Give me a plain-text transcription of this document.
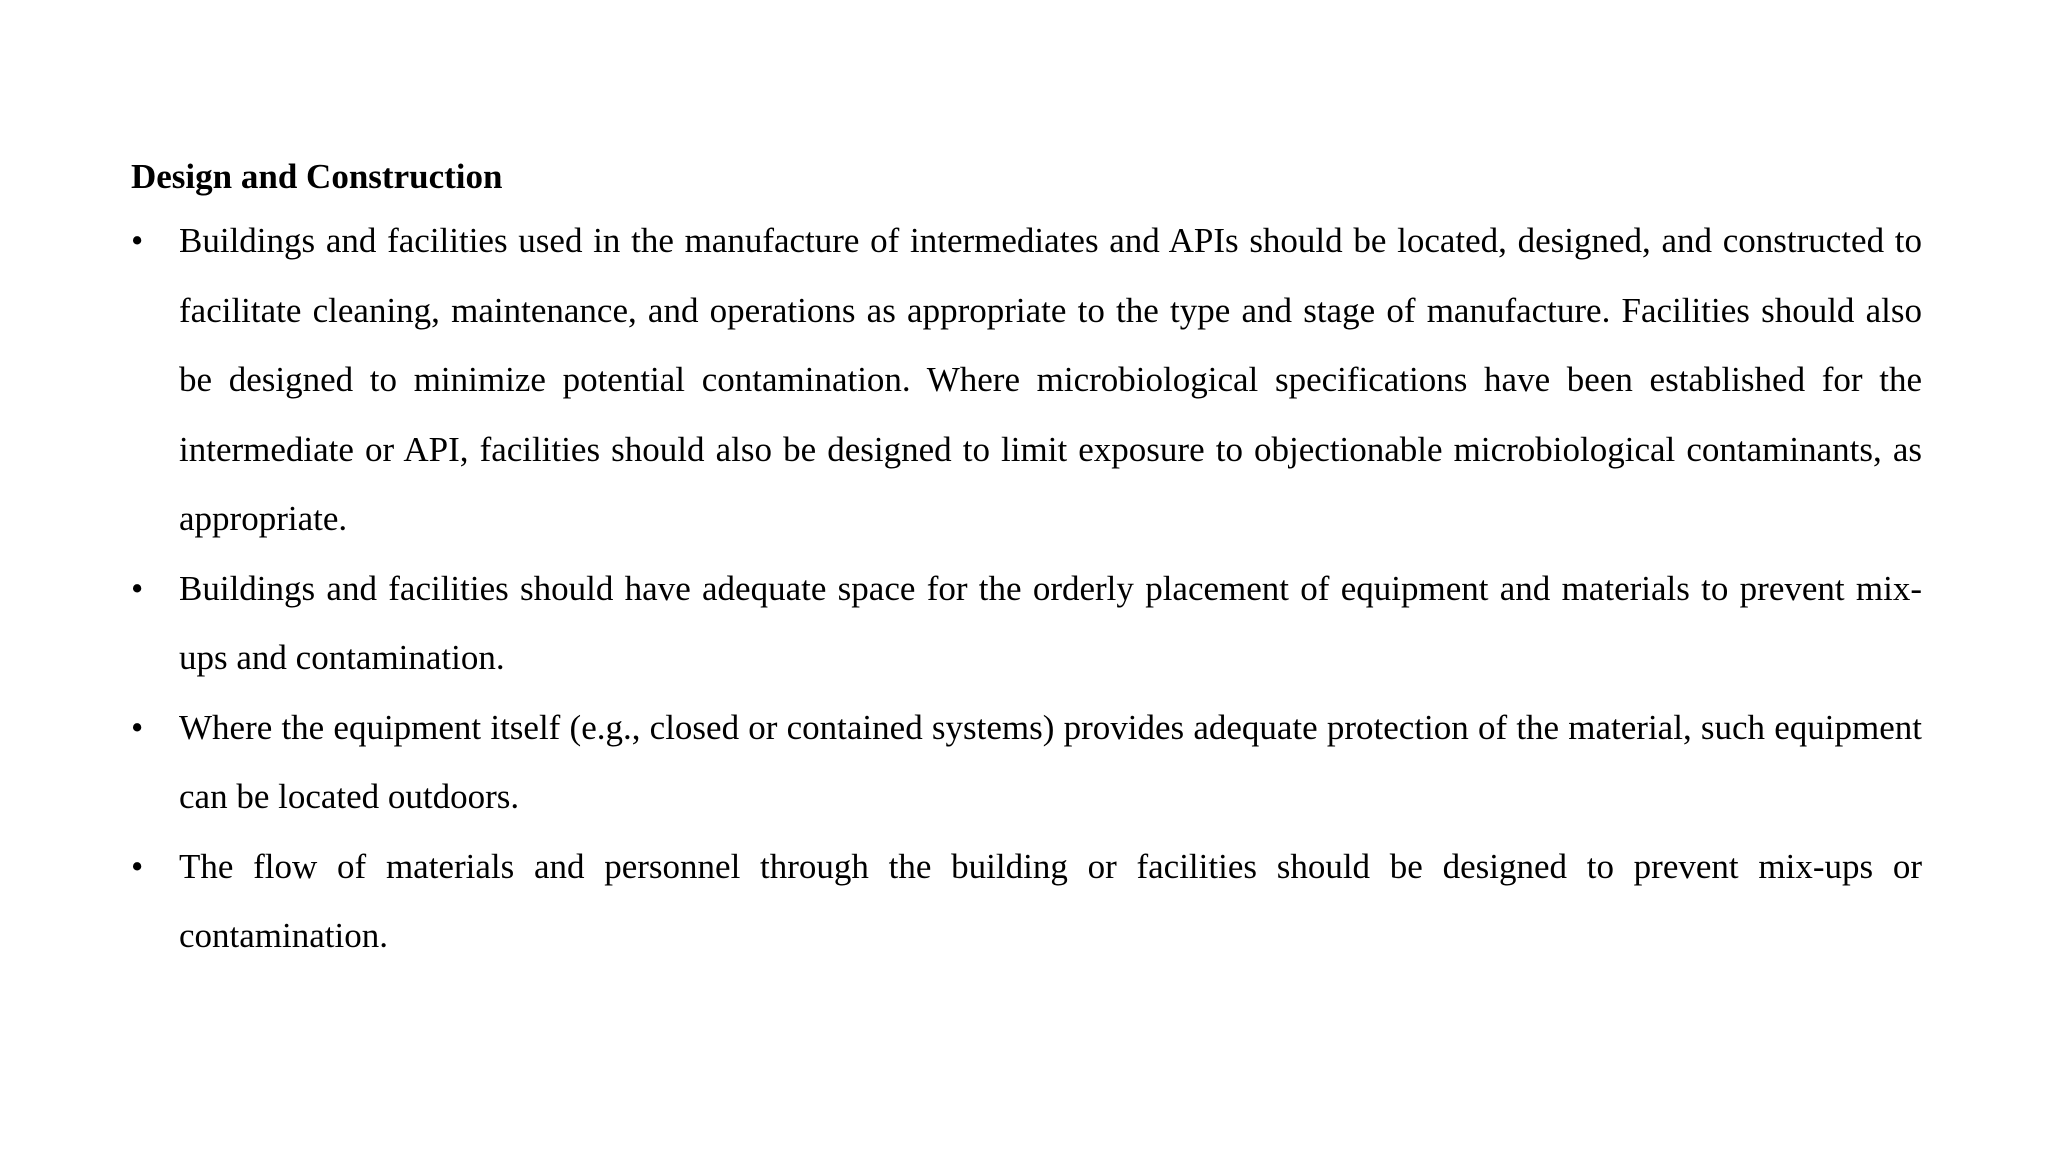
Design and Construction
• Buildings and facilities used in the manufacture of intermediates and APIs should be located, designed, and constructed to facilitate cleaning, maintenance, and operations as appropriate to the type and stage of manufacture. Facilities should also be designed to minimize potential contamination. Where microbiological specifications have been established for the intermediate or API, facilities should also be designed to limit exposure to objectionable microbiological contaminants, as appropriate.
• Buildings and facilities should have adequate space for the orderly placement of equipment and materials to prevent mix-ups and contamination.
• Where the equipment itself (e.g., closed or contained systems) provides adequate protection of the material, such equipment can be located outdoors.
• The flow of materials and personnel through the building or facilities should be designed to prevent mix-ups or contamination.
